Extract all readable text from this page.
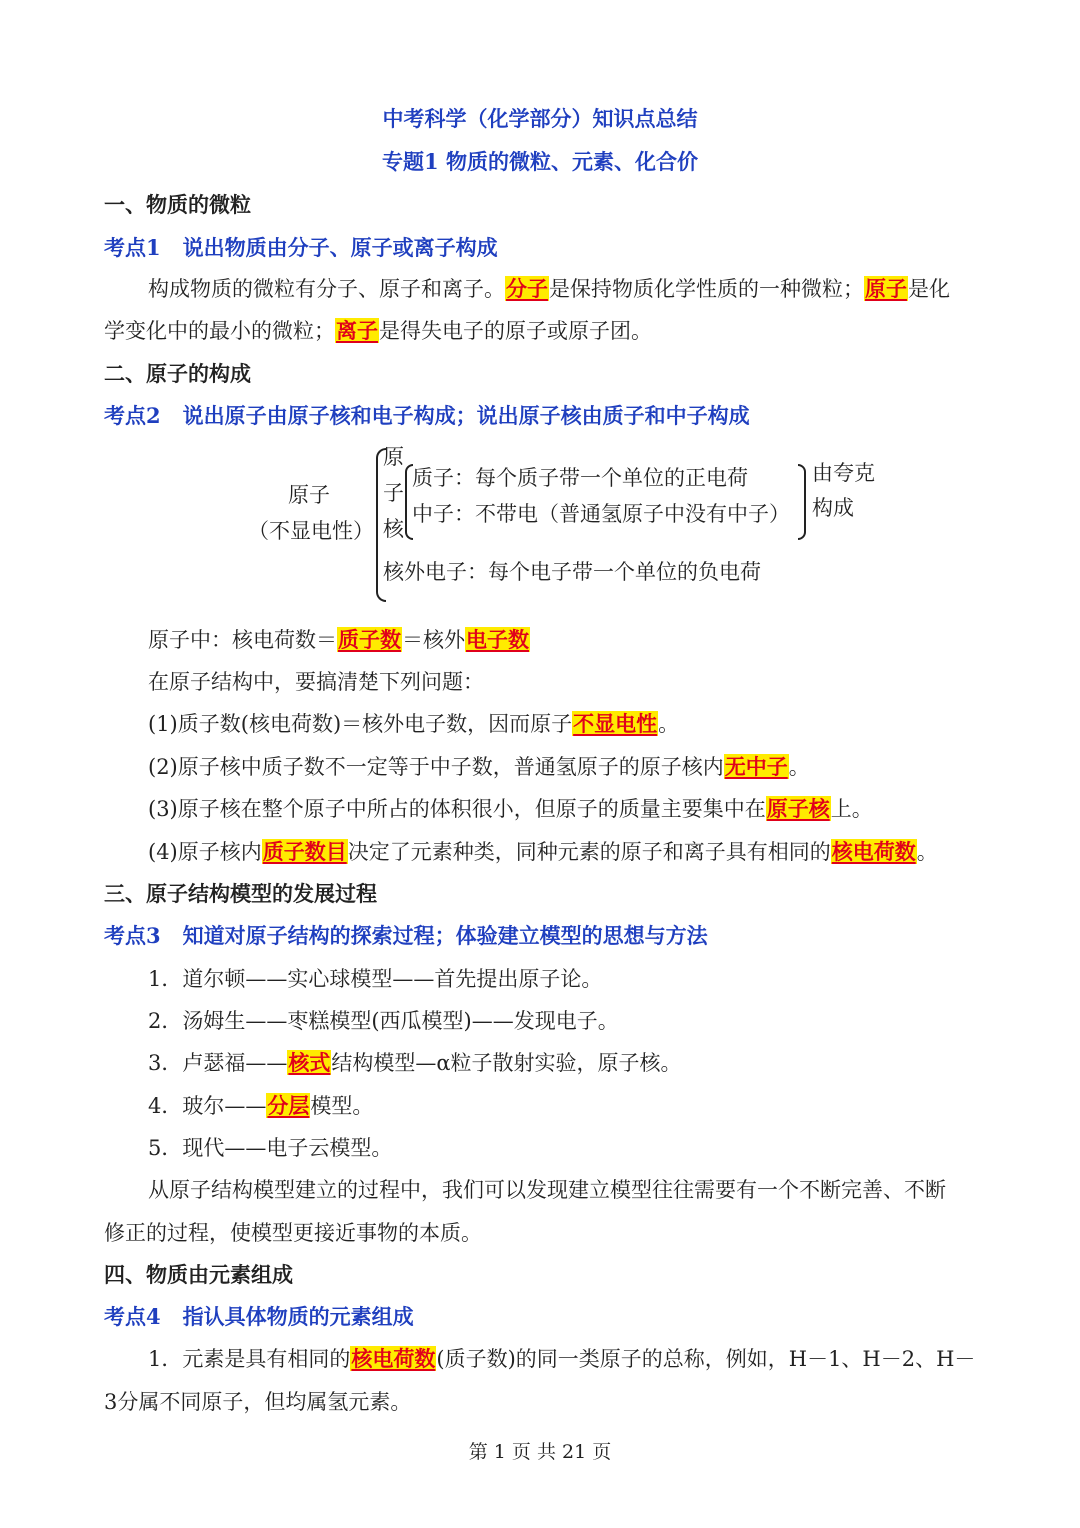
中考科学（化学部分）知识点总结
专题1 物质的微粒、元素、化合价
一、物质的微粒
考点1 说出物质由分子、原子或离子构成
构成物质的微粒有分子、原子和离子。分子是保持物质化学性质的一种微粒；原子是化
学变化中的最小的微粒；离子是得失电子的原子或原子团。
二、原子的构成
考点2 说出原子由原子核和电子构成；说出原子核由质子和中子构成
原子
（不显电性）
原
子
核
质子：每个质子带一个单位的正电荷
中子：不带电（普通氢原子中没有中子）
由夸克
构成
核外电子：每个电子带一个单位的负电荷
原子中：核电荷数＝质子数＝核外电子数
在原子结构中，要搞清楚下列问题：
(1)质子数(核电荷数)＝核外电子数，因而原子不显电性。
(2)原子核中质子数不一定等于中子数，普通氢原子的原子核内无中子。
(3)原子核在整个原子中所占的体积很小，但原子的质量主要集中在原子核上。
(4)原子核内质子数目决定了元素种类，同种元素的原子和离子具有相同的核电荷数。
三、原子结构模型的发展过程
考点3 知道对原子结构的探索过程；体验建立模型的思想与方法
1．道尔顿——实心球模型——首先提出原子论。
2．汤姆生——枣糕模型(西瓜模型)——发现电子。
3．卢瑟福——核式结构模型—α粒子散射实验，原子核。
4．玻尔——分层模型。
5．现代——电子云模型。
从原子结构模型建立的过程中，我们可以发现建立模型往往需要有一个不断完善、不断
修正的过程，使模型更接近事物的本质。
四、物质由元素组成
考点4 指认具体物质的元素组成
1．元素是具有相同的核电荷数(质子数)的同一类原子的总称，例如，H－1、H－2、H－
3分属不同原子，但均属氢元素。
第 1 页 共 21 页
